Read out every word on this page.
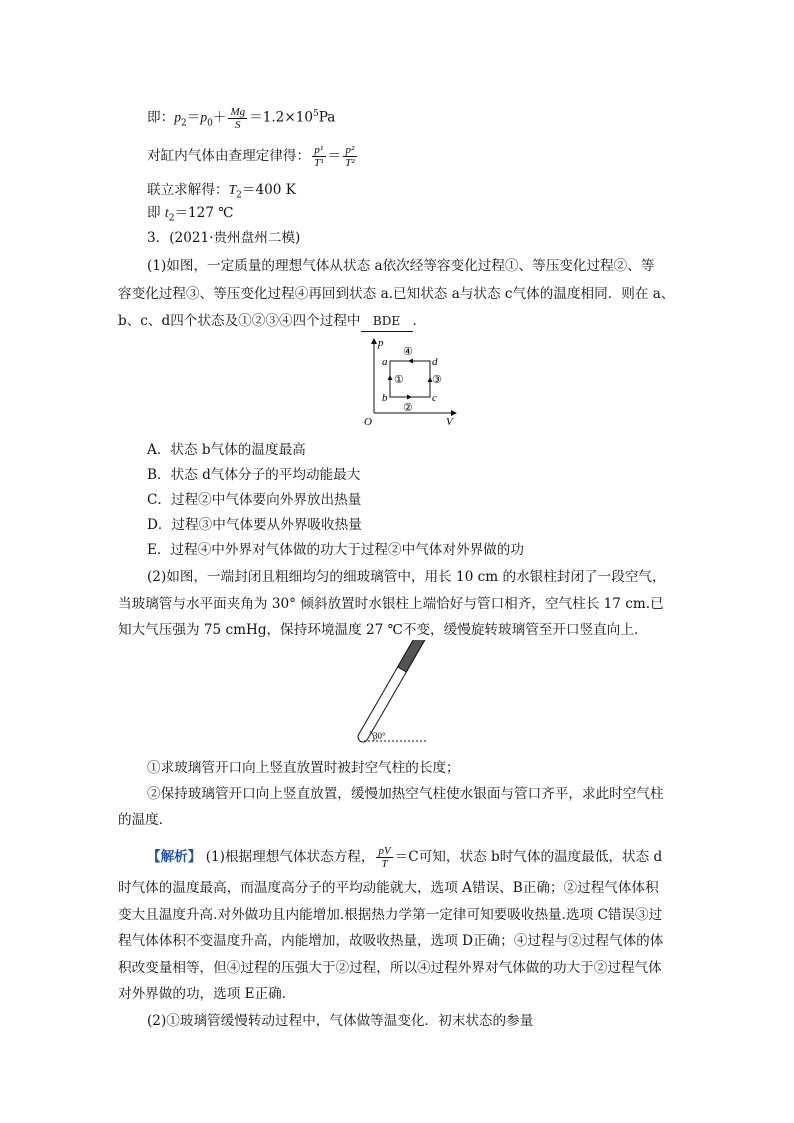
即：$p_2=p_0+ \frac{Mg}{S} =1.2\times 10^5Pa$
对缸内气体由查理定律得： $\frac{\text{p¹}}{\text{T¹}} = \frac{\text{p²}}{\text{T²}}$
联立求解得：$T_2=400$ K
即 $t_2=127$ ℃
3．(2021·贵州盘州二模)
(1)如图，一定质量的理想气体从状态 a依次经等容变化过程①、等压变化过程②、等
容变化过程③、等压变化过程④再回到状态 a.已知状态 a与状态 c气体的温度相同．则在 a、
b、c、d四个状态及①②③④四个过程中 BDE ．
p
V
O
a
b	c
d
①
②
③
④
A．状态 b气体的温度最高
B．状态 d气体分子的平均动能最大
C．过程②中气体要向外界放出热量
D．过程③中气体要从外界吸收热量
E．过程④中外界对气体做的功大于过程②中气体对外界做的功
(2)如图，一端封闭且粗细均匀的细玻璃管中，用长 10 cm 的水银柱封闭了一段空气，
当玻璃管与水平面夹角为 30° 倾斜放置时水银柱上端恰好与管口相齐，空气柱长 17 cm.已
知大气压强为 75 cmHg，保持环境温度 27 ℃不变，缓慢旋转玻璃管至开口竖直向上.
30°
①求玻璃管开口向上竖直放置时被封空气柱的长度；
②保持玻璃管开口向上竖直放置，缓慢加热空气柱使水银面与管口齐平，求此时空气柱
的温度．
【解析】 (1)根据理想气体状态方程， $\frac{pV}{T} =C$可知，状态 b时气体的温度最低，状态 d
时气体的温度最高，而温度高分子的平均动能就大，选项 A错误、B正确；②过程气体体积
变大且温度升高.对外做功且内能增加.根据热力学第一定律可知要吸收热量.选项 C错误③过
程气体体积不变温度升高，内能增加，故吸收热量，选项 D正确；④过程与②过程气体的体
积改变量相等，但④过程的压强大于②过程，所以④过程外界对气体做的功大于②过程气体
对外界做的功，选项 E正确．
(2)①玻璃管缓慢转动过程中，气体做等温变化．初末状态的参量
